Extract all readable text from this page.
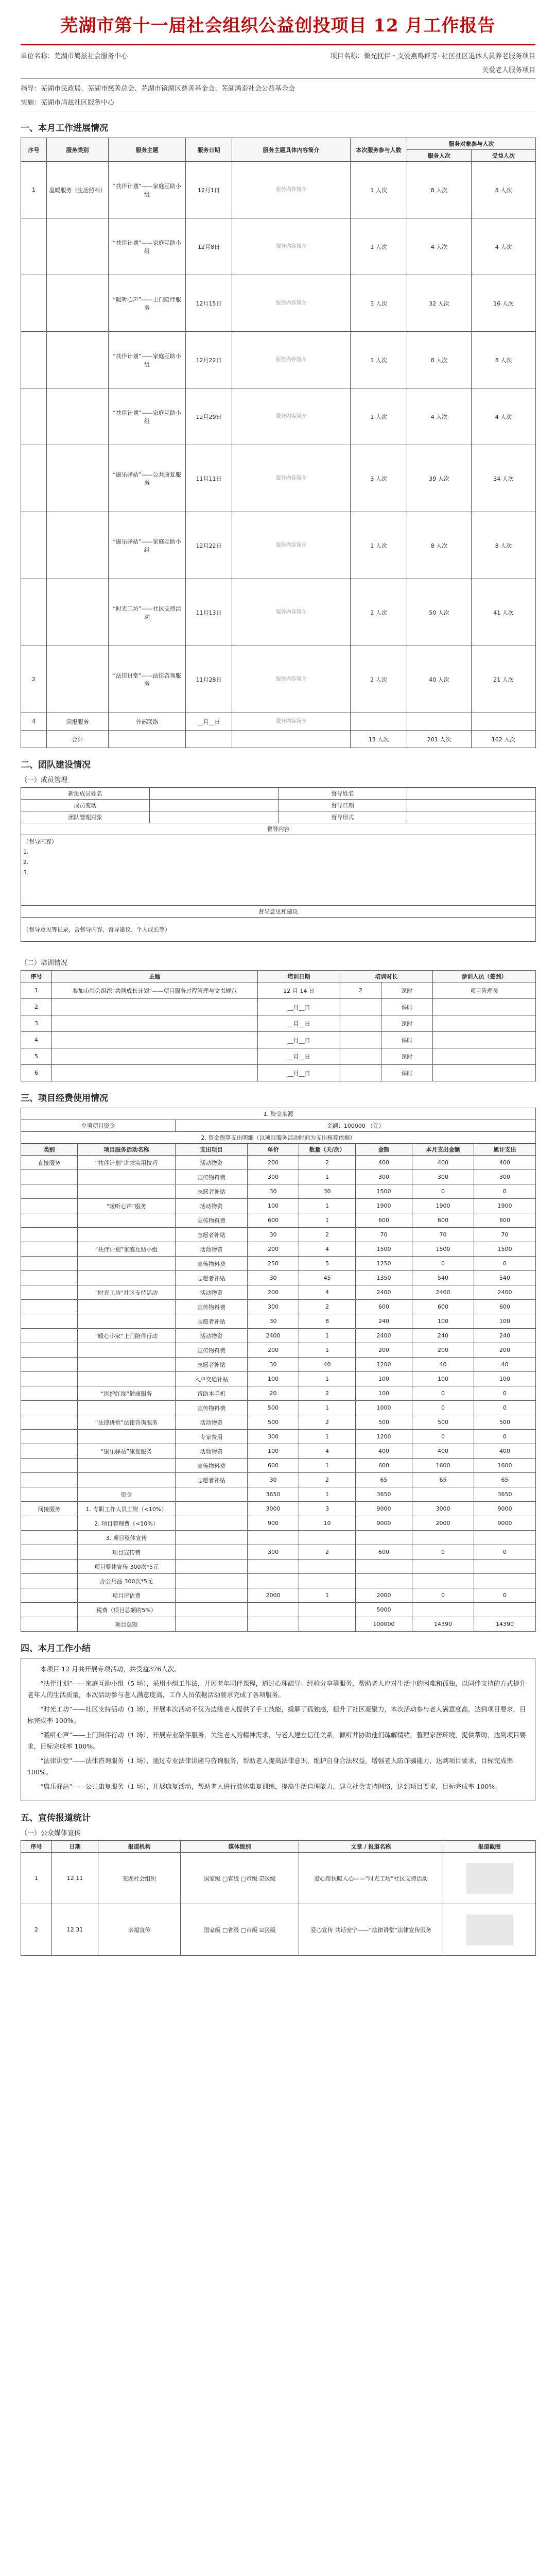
芜湖市第十一届社会组织公益创投项目 12 月工作报告
单位名称：芜湖市鸠兹社会服务中心	项目名称：微光抚伴・支爱燕鸣群芳· 社区社区退休人員养老服务项目
关爱老人服务项目
指导：芜湖市民政局、芜湖市慈善总会、芜湖市镜湖区慈善基金会、芜湖鸿泰社会公益基金会
实施：芜湖市鸠兹社区服务中心
一、本月工作进展情况
序号	服务类别	服务主题	服务日期	服务主题具体内容简介	本次服务参与人数	服务对象参与人次	
						服务人次	受益人次
1	温暖服务（生活照料）	“扶伴计划”——家庭互助小组	12月1日	服务内容简介	1 人次	8 人次	8 人次
		“扶伴计划”——家庭互助小组	12月8日	服务内容简介	1 人次	4 人次	4 人次
		“暖听心声”——上门陪伴服务	12月15日	服务内容简介	3 人次	32 人次	16 人次
		“扶伴计划”——家庭互助小组	12月22日	服务内容简介	1 人次	8 人次	8 人次
		“扶伴计划”——家庭互助小组	12月29日	服务内容简介	1 人次	4 人次	4 人次
		“康乐驿站”——公共康复服务	11月11日	服务内容简介	3 人次	39 人次	34 人次
		“康乐驿站”——家庭互助小组	12月22日	服务内容简介	1 人次	8 人次	8 人次
		“时光工坊”——社区支持活动	11月13日	服务内容简介	2 人次	50 人次	41 人次
2		“法律讲堂”——法律咨询服务	11月28日	服务内容简介	2 人次	40 人次	21 人次
4	间报服务	外部联络	__月__日	服务内容简介			

	合计				13 人次	201 人次	162 人次
二、团队建设情况
（一）成员管理
新进成员姓名		督导姓名	
成员变动		督导日期	
团队管理对象		督导形式	
督导内容			

（督导内容）
1.
2.
3.			

督导意见和建议			
（督导意见等记录，含督导内容、督导建议、个人成长等）			
（二）培训情况
序号	主题	培训日期	培训时长		参训人员（签到）
1	参加市社会组织“共同成长计划”——项目服务过程管理与文书规范	12 月 14 日	2	课时	项目管理员
2		__月__日		课时	
3		__月__日		课时	
4		__月__日		课时	
5		__月__日		课时	
6		__月__日		课时	
三、项目经费使用情况
1. 资金来源							
立项项目资金		金额：100000 （元）					
2. 资金预算支出明细（以项目服务活动时间为支出核算依据）							
类别	项目服务活动名称	支出项目	单价	数量（天/次）	金额	本月支出金额	累计支出
直接服务	“扶伴计划”讲求实用技巧	活动物资	200	2	400	400	400
		宣传物料费	300	1	300	300	300
		志愿者补贴	30	30	1500	0	0
	“暖听心声”服务	活动物资	100	1	1900	1900	1900
		宣传物料费	600	1	600	600	600
		志愿者补贴	30	2	70	70	70
	“扶伴计划”家庭互助小组	活动物资	200	4	1500	1500	1500
		宣传物料费	250	5	1250	0	0
		志愿者补贴	30	45	1350	540	540
	“时光工坊”社区支持活动	活动物资	200	4	2400	2400	2400
		宣传物料费	300	2	600	600	600
		志愿者补贴	30	8	240	100	100
	“暖心小家”上门陪伴行动	活动物资	2400	1	2400	240	240
		宣传物料费	200	1	200	200	200
		志愿者补贴	30	40	1200	40	40
		入户交通补贴	100	1	100	100	100
	“医护红缘”健康服务	帮助本手机	20	2	100	0	0
		宣传物料费	500	1	1000	0	0
	“法律讲堂”法律咨询服务	活动物资	500	2	500	500	500
		专家费用	300	1	1200	0	0
	“康乐驿站”康复服务	活动物资	100	4	400	400	400
		宣传物料费	600	1	600	1600	1600
		志愿者补贴	30	2	65	65	65
	资金		3650	1	3650		3650
间接服务	1. 专职工作人员工资（<10%）		3000	3	9000	3000	9000
	2. 项目管理费（<10%）		900	10	9000	2000	9000
	3. 项目整体宣传						
	项目宣传费		300	2	600	0	0
	项目整体宣传 300次*5元						
	办公用品 300次*5元						
	项目评估费		2000	1	2000	0	0
	税费（项目总额的5%）				5000		
	项目总额				100000	14390	14390
四、本月工作小结

本项目 12 月共开展专项活动，共受益376人次。

“扶伴计划”——家庭互助小组（5 场），采用小组工作法，开展老年同伴课程，通过心理疏导、经验分享等服务，帮助老人应对生活中的困难和孤独，以同伴支持的方式提升老年人的生活质量，本次活动参与老人满意度高，工作人员依据活动要求完成了各项服务。

“时光工坊”——社区支持活动（1 场），开展本次活动不仅为边缘老人提供了手工技能，缓解了孤独感，提升了社区凝聚力，本次活动参与老人满意度高，达到项目要求，目标完成率 100%。

“暖听心声”——上门陪伴行动（1 场），开展专业陪伴服务，关注老人的精神需求，与老人建立信任关系，倾听并协助他们疏解情绪，整理家居环境，提供帮助，达到项目要求，目标完成率 100%。

“法律讲堂”——法律咨询服务（1 场），通过专业法律讲座与咨询服务，帮助老人提高法律意识，维护自身合法权益，增强老人防诈骗能力，达到项目要求，目标完成率 100%。

“康乐驿站”——公共康复服务（1 场），开展康复活动，帮助老人进行肢体康复训练，提高生活自理能力，建立社会支持网络，达到项目要求，目标完成率 100%。

五、宣传报道统计
（一）公众媒体宣传
序号	日期	报道机构	媒体级别	文章 / 报道名称	报道截图
1	12.11	芜湖社会组织	国家级 □省级 □市级 ☑区级	爱心帮扶暖人心——“时光工坊”社区支持活动	

2	12.31	幸福宣传	国家级 □省级 □市级 ☑区级	爱心宣传 共话安宁——“法律讲堂”法律宣传服务	
